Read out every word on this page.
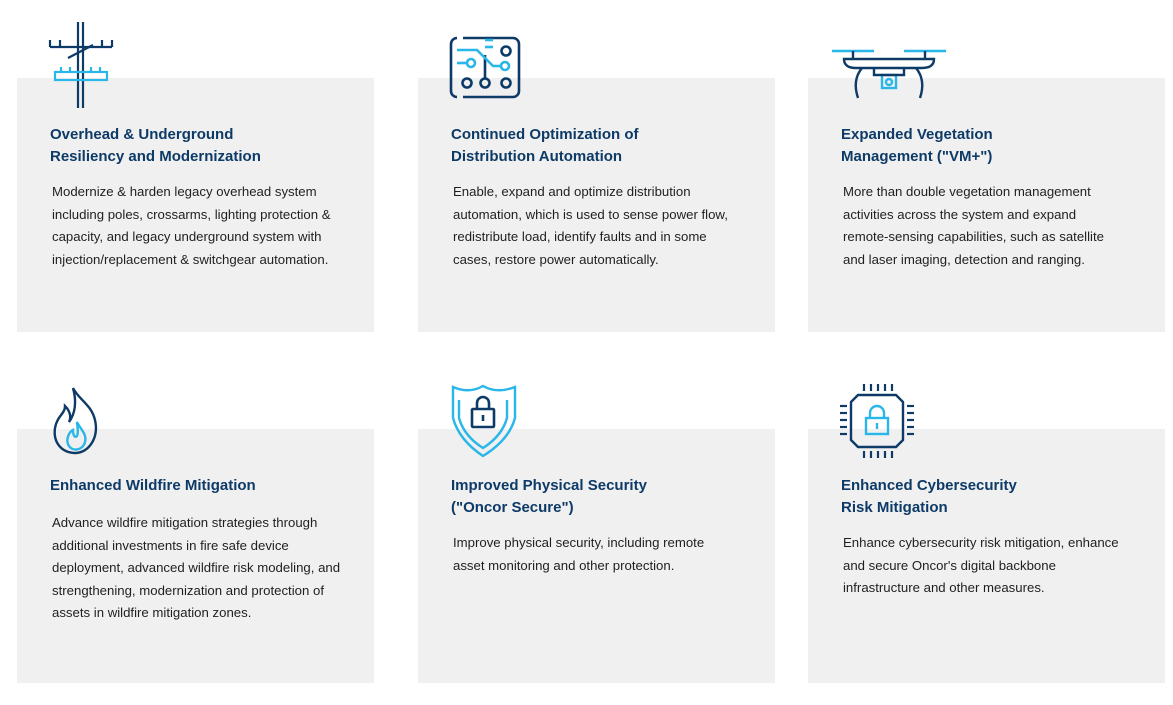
Overhead & Underground
Resiliency and Modernization
Continued Optimization of
Distribution Automation
Expanded Vegetation
Management ("VM+")
Enhanced Wildfire Mitigation	Improved Physical Security
("Oncor Secure")
Enhanced Cybersecurity
Risk Mitigation

Modernize & harden legacy overhead system including poles, crossarms, lighting protection & capacity, and legacy underground system with injection/replacement & switchgear automation.

Enable, expand and optimize distribution automation, which is used to sense power flow, redistribute load, identify faults and in some cases, restore power automatically.

More than double vegetation management activities across the system and expand remote-sensing capabilities, such as satellite and laser imaging, detection and ranging.

Advance wildfire mitigation strategies through additional investments in fire safe device deployment, advanced wildfire risk modeling, and strengthening, modernization and protection of assets in wildfire mitigation zones.

Improve physical security, including remote asset monitoring and other protection.

Enhance cybersecurity risk mitigation, enhance and secure Oncor's digital backbone infrastructure and other measures.
